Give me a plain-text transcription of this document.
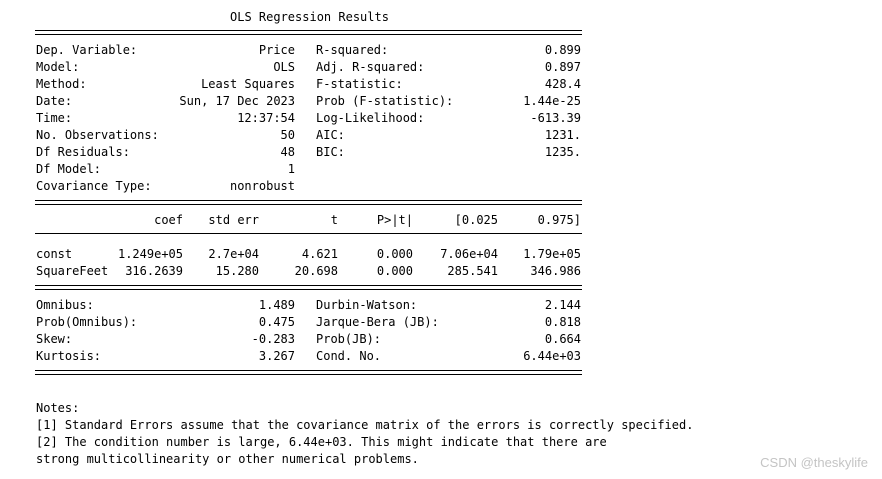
OLS Regression Results
Dep. Variable:	Price R-squared:	0.899
Model:	OLS Adj. R-squared:	0.897
Method:	Least Squares F-statistic:	428.4
Date:	Sun, 17 Dec 2023 Prob (F-statistic):	1.44e-25
Time:	12:37:54 Log-Likelihood:	-613.39
No. Observations:	50 AIC:	1231.
Df Residuals:	48 BIC:	1235.
Df Model:	1
Covariance Type:	nonrobust
coef std err	t	P>|t|	[0.025	0.975]
const	1.249e+05 2.7e+04	4.621	0.000 7.06e+04 1.79e+05
SquareFeet 316.2639	15.280	20.698	0.000	285.541	346.986
Omnibus:	1.489 Durbin-Watson:	2.144
Prob(Omnibus):	0.475 Jarque-Bera (JB):	0.818
Skew:	-0.283 Prob(JB):	0.664
Kurtosis:	3.267 Cond. No.	6.44e+03
Notes:
[1] Standard Errors assume that the covariance matrix of the errors is correctly specified.
[2] The condition number is large, 6.44e+03. This might indicate that there are
strong multicollinearity or other numerical problems.	CSDN @theskylife
